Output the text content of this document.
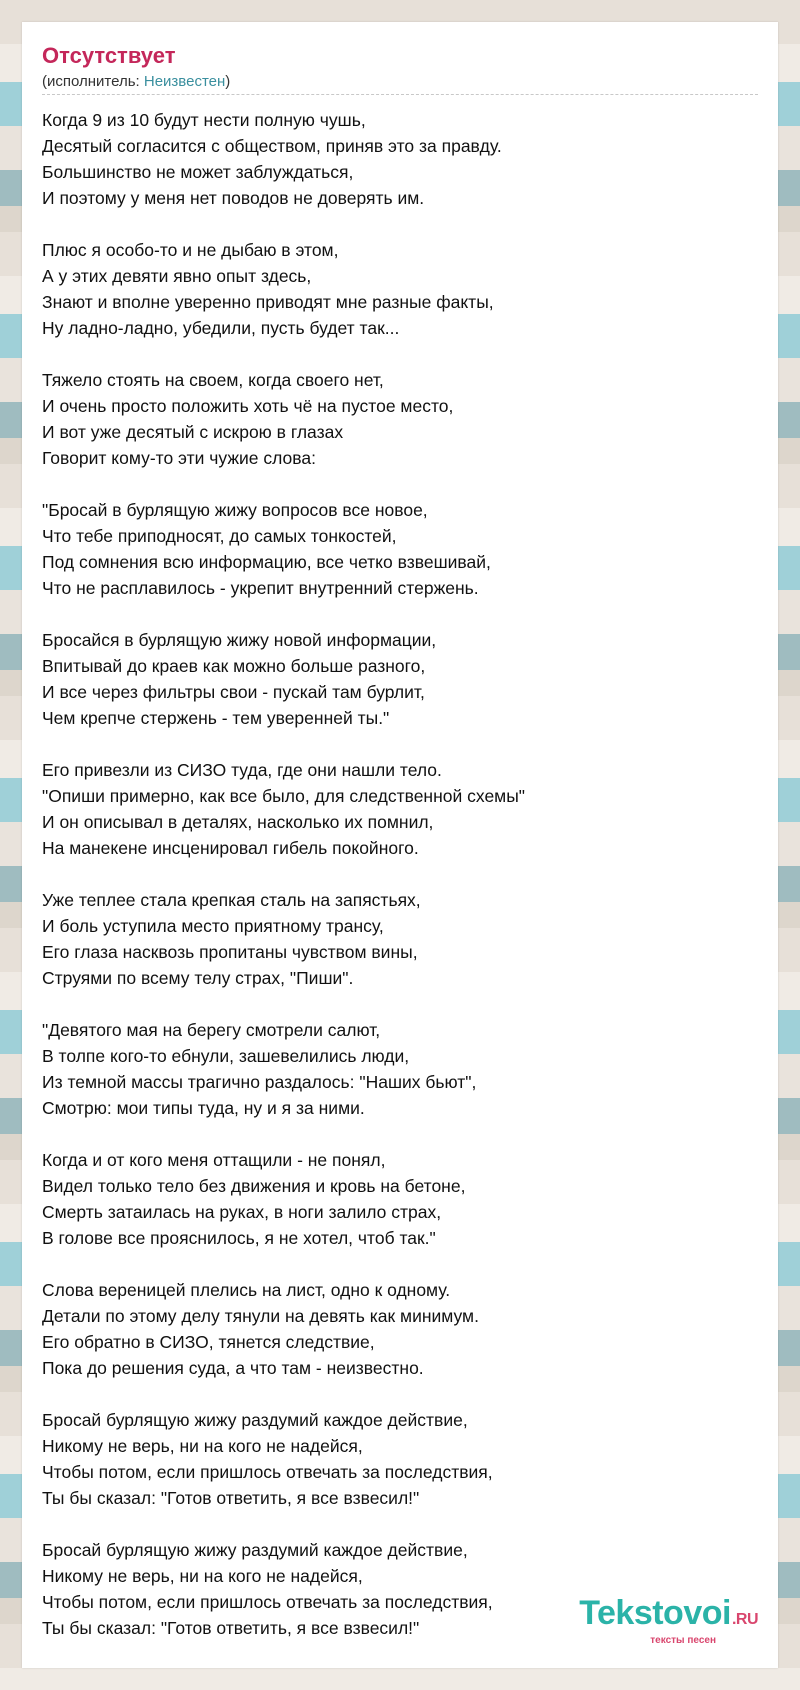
Отсутствует
(исполнитель: Неизвестен)
Когда 9 из 10 будут нести полную чушь,
Десятый согласится с обществом, приняв это за правду.
Большинство не может заблуждаться,
И поэтому у меня нет поводов не доверять им.
Плюс я особо-то и не дыбаю в этом,
А у этих девяти явно опыт здесь,
Знают и вполне уверенно приводят мне разные факты,
Ну ладно-ладно, убедили, пусть будет так...
Тяжело стоять на своем, когда своего нет,
И очень просто положить хоть чё на пустое место,
И вот уже десятый с искрою в глазах
Говорит кому-то эти чужие слова:
"Бросай в бурлящую жижу вопросов все новое,
Что тебе приподносят, до самых тонкостей,
Под сомнения всю информацию, все четко взвешивай,
Что не расплавилось - укрепит внутренний стержень.
Бросайся в бурлящую жижу новой информации,
Впитывай до краев как можно больше разного,
И все через фильтры свои - пускай там бурлит,
Чем крепче стержень - тем уверенней ты."
Его привезли из СИЗО туда, где они нашли тело.
"Опиши примерно, как все было, для следственной схемы"
И он описывал в деталях, насколько их помнил,
На манекене инсценировал гибель покойного.
Уже теплее стала крепкая сталь на запястьях,
И боль уступила место приятному трансу,
Его глаза насквозь пропитаны чувством вины,
Струями по всему телу страх, "Пиши".
"Девятого мая на берегу смотрели салют,
В толпе кого-то ебнули, зашевелились люди,
Из темной массы трагично раздалось: "Наших бьют",
Смотрю: мои типы туда, ну и я за ними.
Когда и от кого меня оттащили - не понял,
Видел только тело без движения и кровь на бетоне,
Смерть затаилась на руках, в ноги залило страх,
В голове все прояснилось, я не хотел, чтоб так."
Слова вереницей плелись на лист, одно к одному.
Детали по этому делу тянули на девять как минимум.
Его обратно в СИЗО, тянется следствие,
Пока до решения суда, а что там - неизвестно.
Бросай бурлящую жижу раздумий каждое действие,
Никому не верь, ни на кого не надейся,
Чтобы потом, если пришлось отвечать за последствия,
Ты бы сказал: "Готов ответить, я все взвесил!"
Бросай бурлящую жижу раздумий каждое действие,
Никому не верь, ни на кого не надейся,
Чтобы потом, если пришлось отвечать за последствия,
Ты бы сказал: "Готов ответить, я все взвесил!"	Tekstovoi.RU
тексты песен
